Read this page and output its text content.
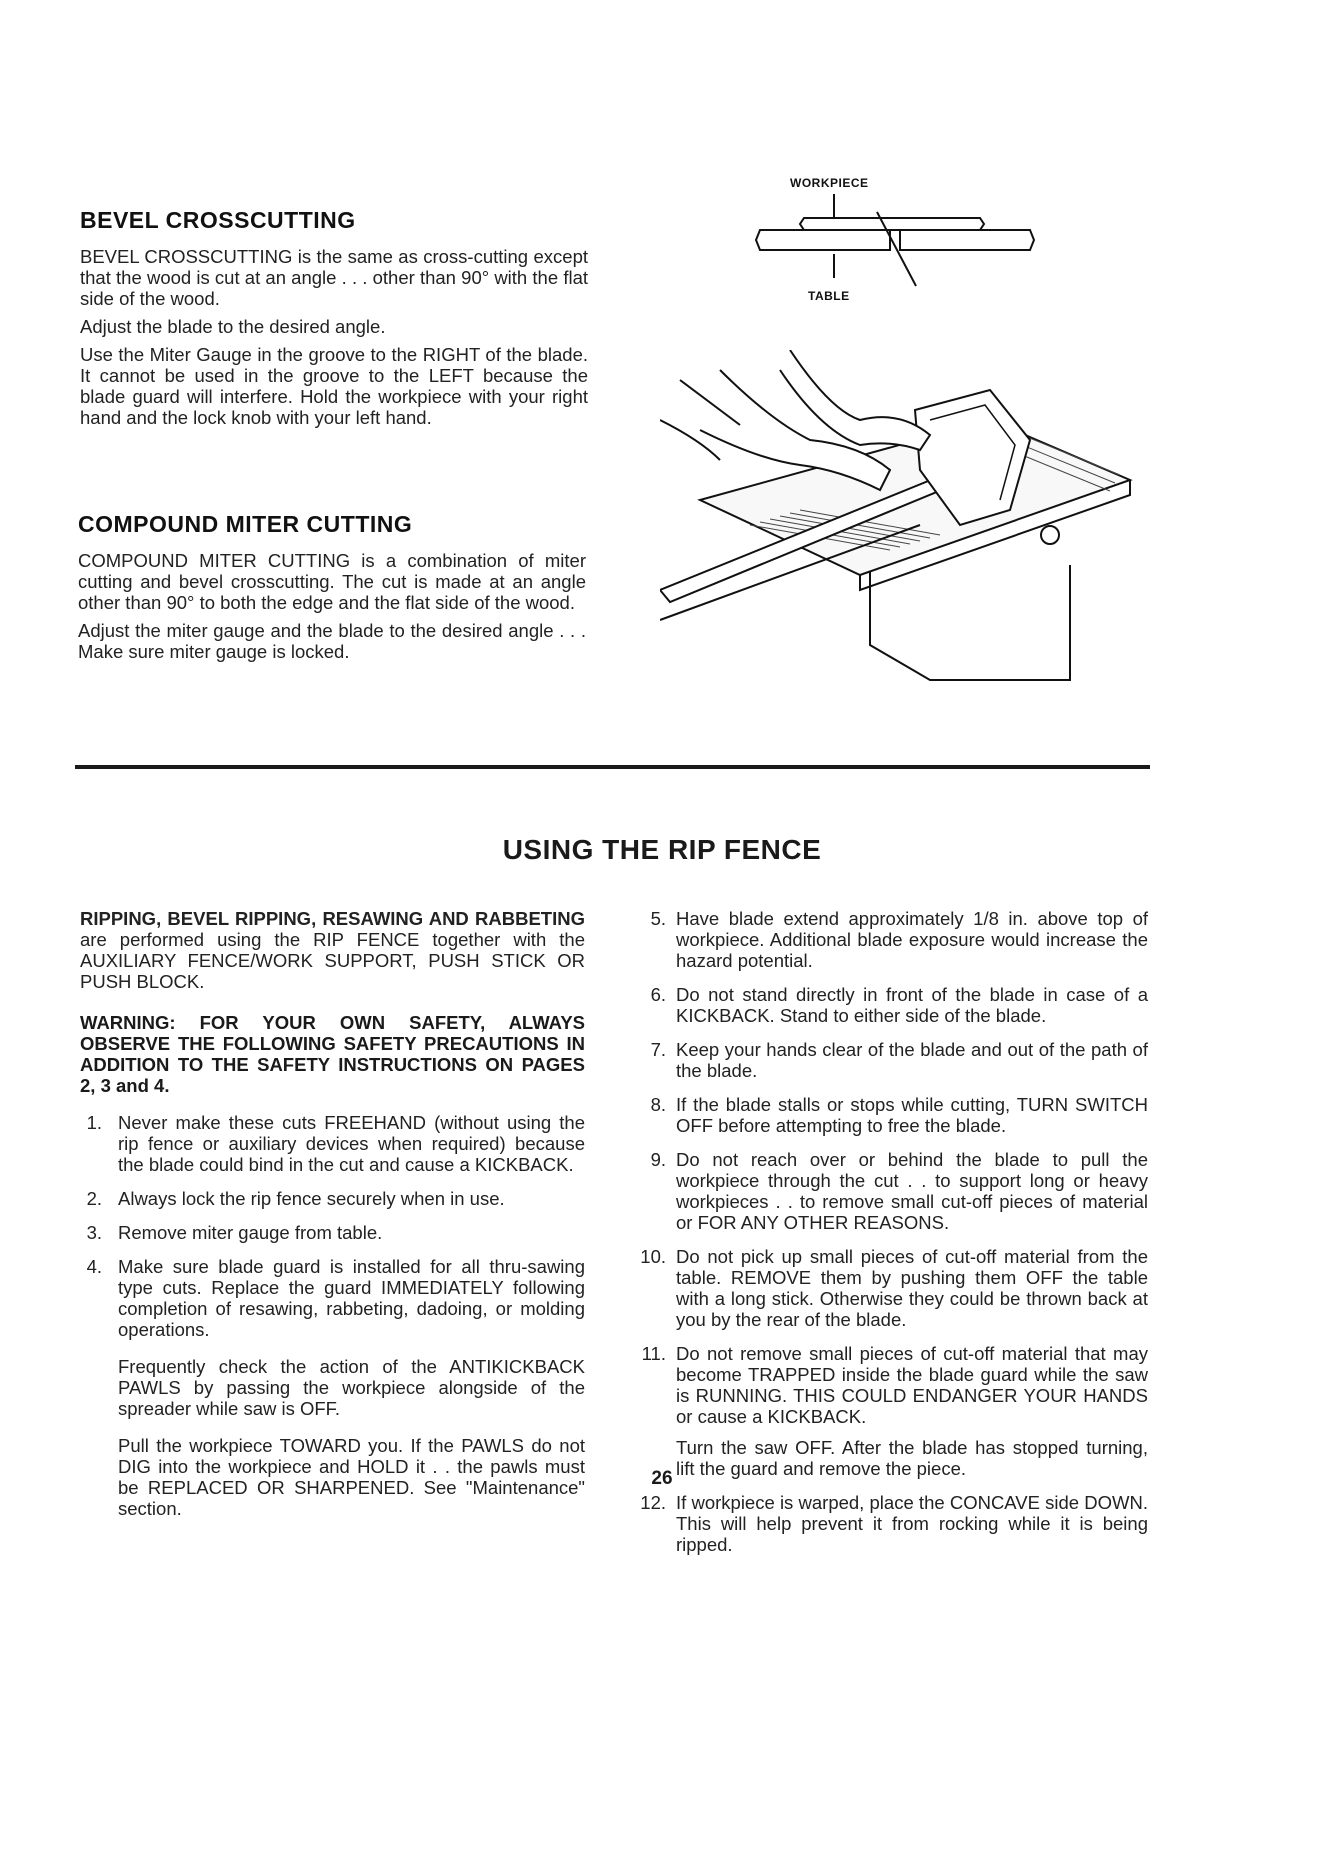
BEVEL CROSSCUTTING

BEVEL CROSSCUTTING is the same as cross-cutting except that the wood is cut at an angle . . . other than 90° with the flat side of the wood.

Adjust the blade to the desired angle.

Use the Miter Gauge in the groove to the RIGHT of the blade. It cannot be used in the groove to the LEFT because the blade guard will interfere. Hold the workpiece with your right hand and the lock knob with your left hand.

COMPOUND MITER CUTTING

COMPOUND MITER CUTTING is a combination of miter cutting and bevel crosscutting. The cut is made at an angle other than 90° to both the edge and the flat side of the wood.

Adjust the miter gauge and the blade to the desired angle . . . Make sure miter gauge is locked.

WORKPIECE
TABLE
USING THE RIP FENCE

RIPPING, BEVEL RIPPING, RESAWING AND RABBETING are performed using the RIP FENCE together with the AUXILIARY FENCE/WORK SUPPORT, PUSH STICK OR PUSH BLOCK.

WARNING: FOR YOUR OWN SAFETY, ALWAYS OBSERVE THE FOLLOWING SAFETY PRECAUTIONS IN ADDITION TO THE SAFETY INSTRUCTIONS ON PAGES 2, 3 and 4.

1. Never make these cuts FREEHAND (without using the rip fence or auxiliary devices when required) because the blade could bind in the cut and cause a KICKBACK.
2. Always lock the rip fence securely when in use.
3. Remove miter gauge from table.
4. Make sure blade guard is installed for all thru-sawing type cuts. Replace the guard IMMEDIATELY following completion of resawing, rabbeting, dadoing, or molding operations.
Frequently check the action of the ANTIKICKBACK PAWLS by passing the workpiece alongside of the spreader while saw is OFF.
Pull the workpiece TOWARD you. If the PAWLS do not DIG into the workpiece and HOLD it . . the pawls must be REPLACED OR SHARPENED. See "Maintenance" section.
5. Have blade extend approximately 1/8 in. above top of workpiece. Additional blade exposure would increase the hazard potential.
6. Do not stand directly in front of the blade in case of a KICKBACK. Stand to either side of the blade.
7. Keep your hands clear of the blade and out of the path of the blade.
8. If the blade stalls or stops while cutting, TURN SWITCH OFF before attempting to free the blade.
9. Do not reach over or behind the blade to pull the workpiece through the cut . . to support long or heavy workpieces . . to remove small cut-off pieces of material or FOR ANY OTHER REASONS.
10. Do not pick up small pieces of cut-off material from the table. REMOVE them by pushing them OFF the table with a long stick. Otherwise they could be thrown back at you by the rear of the blade.
11. Do not remove small pieces of cut-off material that may become TRAPPED inside the blade guard while the saw is RUNNING. THIS COULD ENDANGER YOUR HANDS or cause a KICKBACK.
Turn the saw OFF. After the blade has stopped turning, lift the guard and remove the piece.
12. If workpiece is warped, place the CONCAVE side DOWN. This will help prevent it from rocking while it is being ripped.
26
